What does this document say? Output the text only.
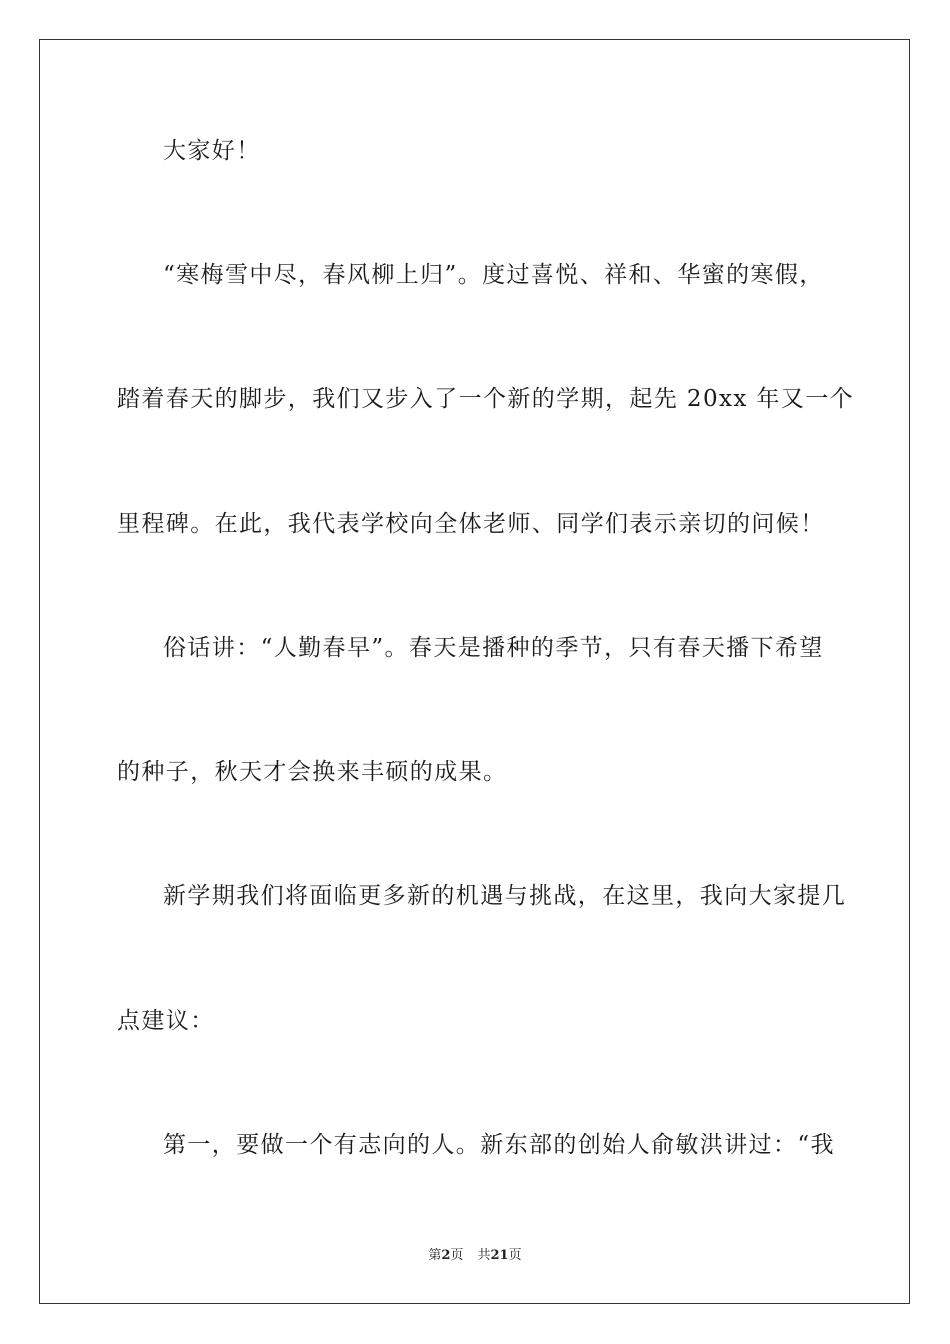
大家好！
“寒梅雪中尽，春风柳上归”。度过喜悦、祥和、华蜜的寒假，
踏着春天的脚步，我们又步入了一个新的学期，起先 20xx 年又一个
里程碑。在此，我代表学校向全体老师、同学们表示亲切的问候！
俗话讲：“人勤春早”。春天是播种的季节，只有春天播下希望
的种子，秋天才会换来丰硕的成果。
新学期我们将面临更多新的机遇与挑战，在这里，我向大家提几
点建议：
第一，要做一个有志向的人。新东部的创始人俞敏洪讲过：“我
第2页 共21页
